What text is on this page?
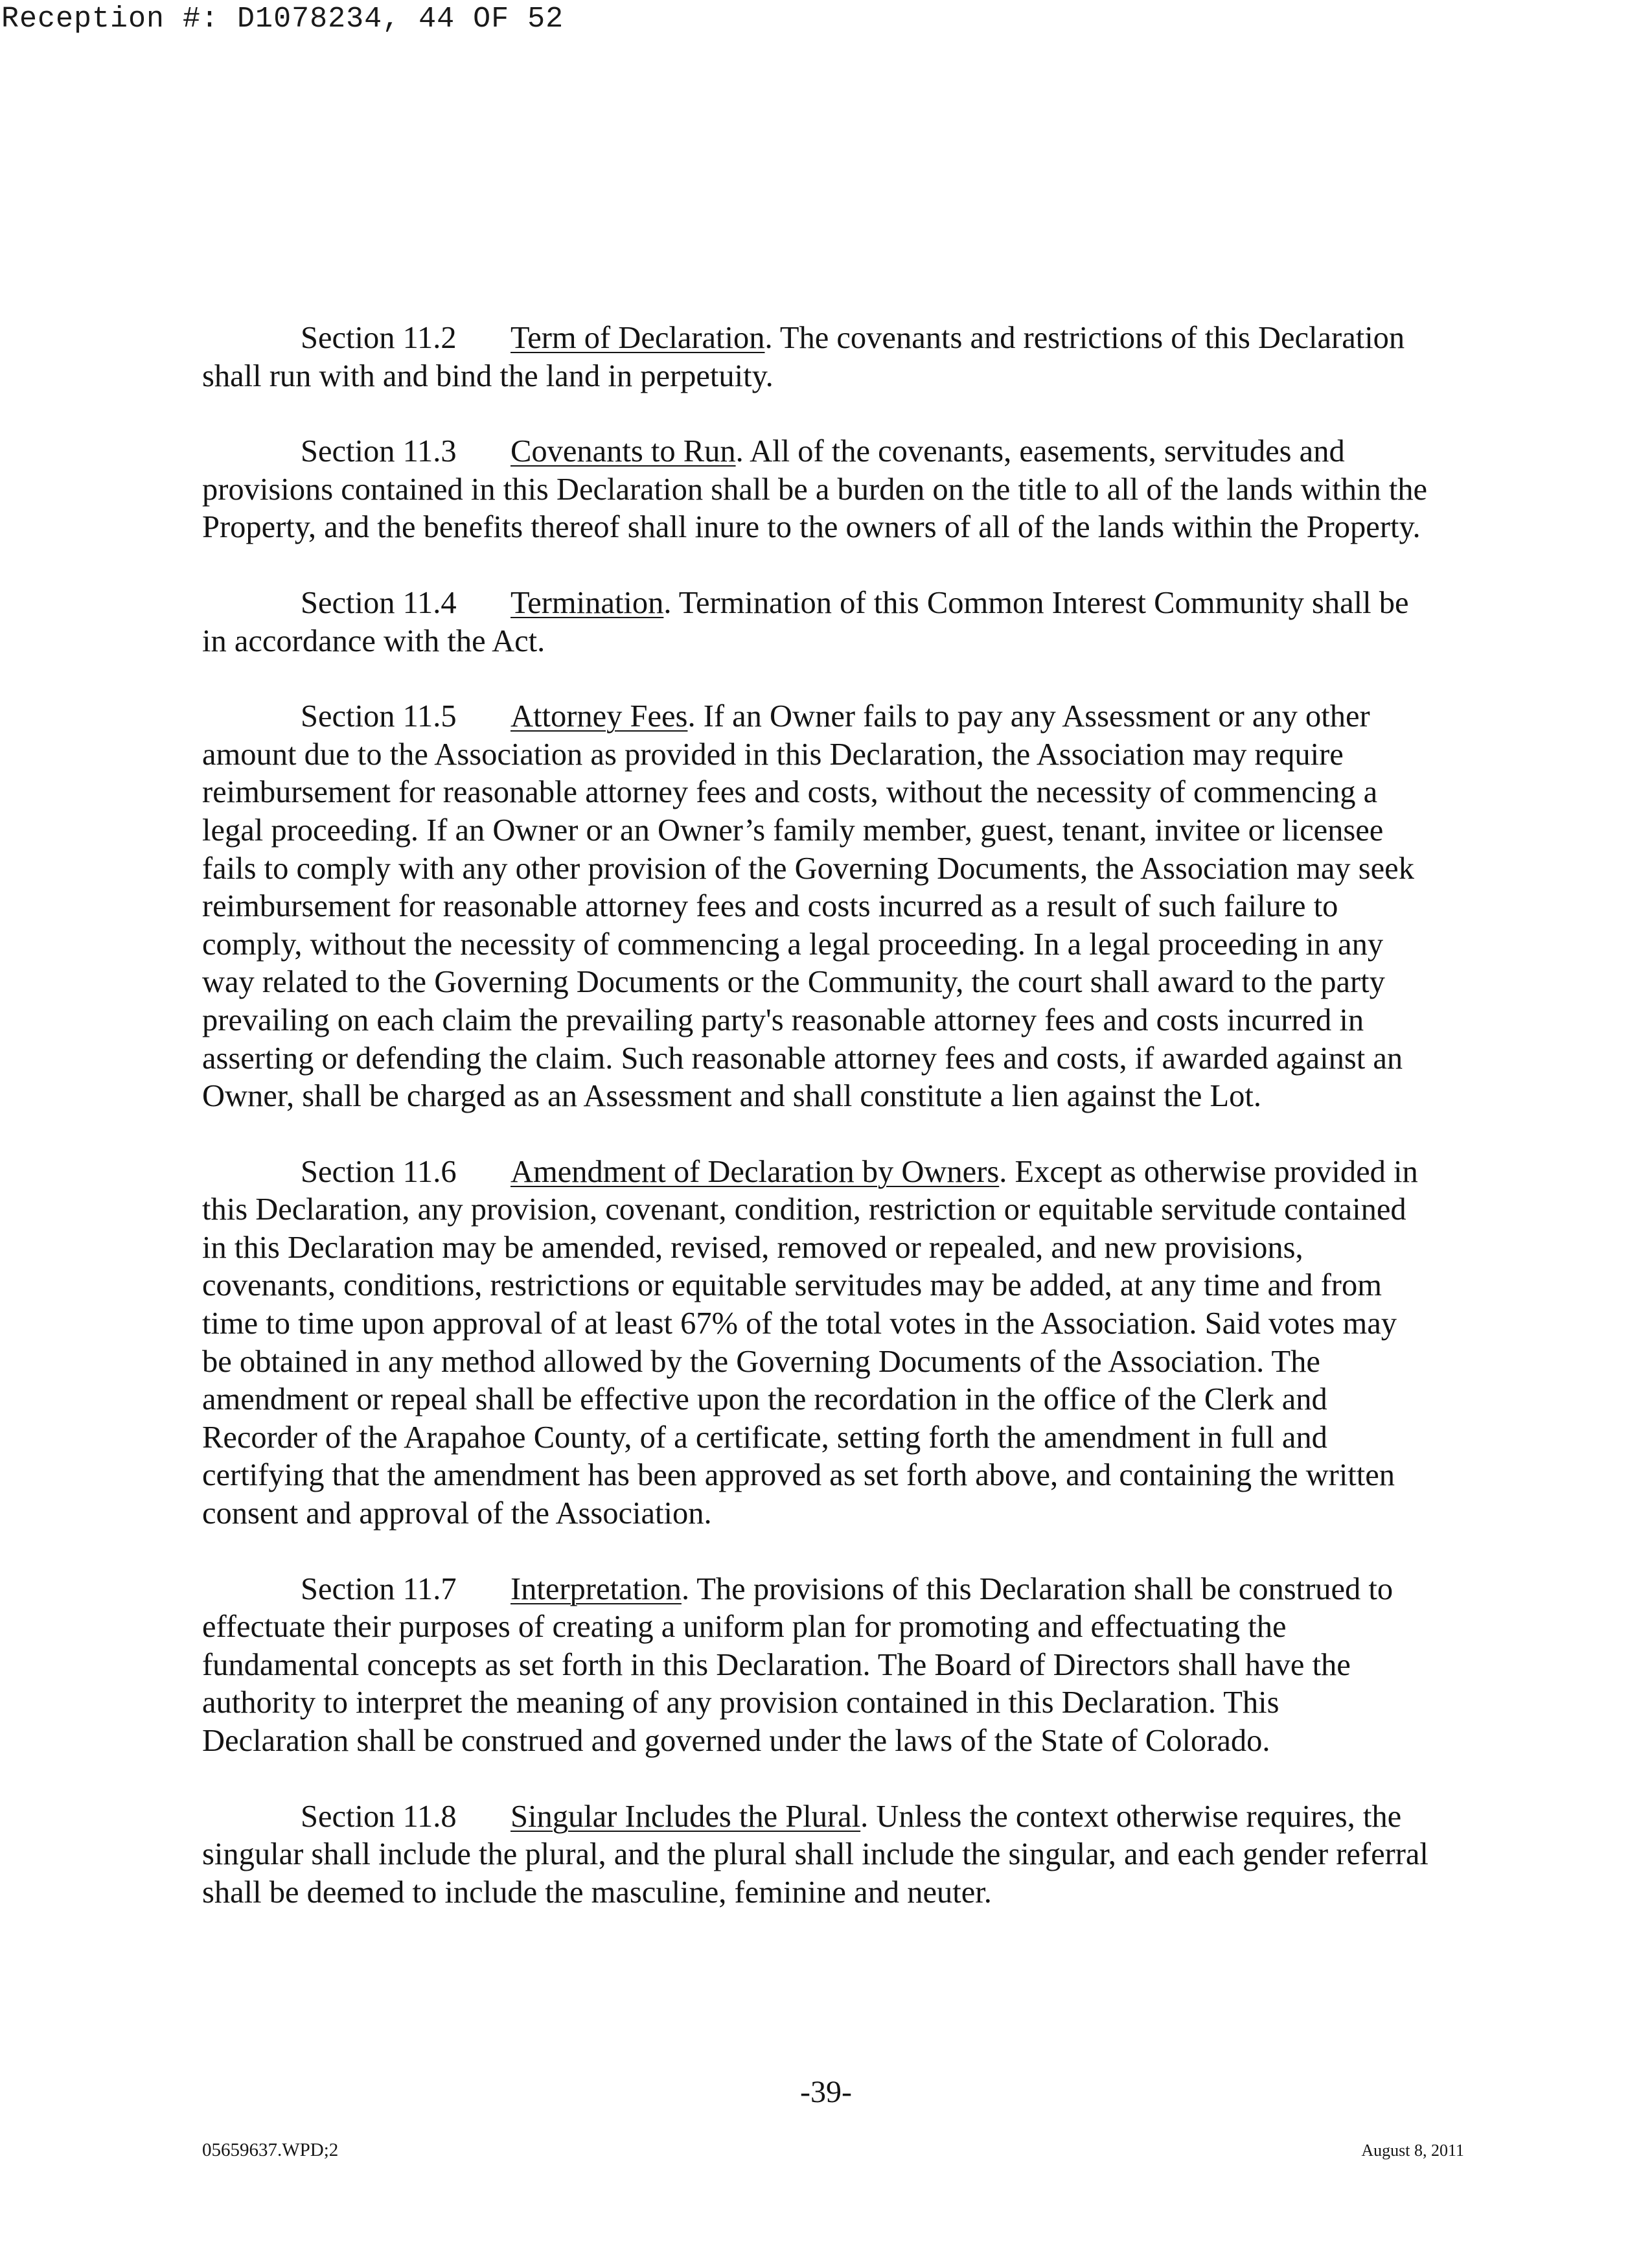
Reception #: D1078234, 44 OF 52
Section 11.2 Term of Declaration. The covenants and restrictions of this Declaration
shall run with and bind the land in perpetuity.
Section 11.3 Covenants to Run. All of the covenants, easements, servitudes and
provisions contained in this Declaration shall be a burden on the title to all of the lands within the
Property, and the benefits thereof shall inure to the owners of all of the lands within the Property.
Section 11.4 Termination. Termination of this Common Interest Community shall be
in accordance with the Act.
Section 11.5 Attorney Fees. If an Owner fails to pay any Assessment or any other
amount due to the Association as provided in this Declaration, the Association may require
reimbursement for reasonable attorney fees and costs, without the necessity of commencing a
legal proceeding. If an Owner or an Owner’s family member, guest, tenant, invitee or licensee
fails to comply with any other provision of the Governing Documents, the Association may seek
reimbursement for reasonable attorney fees and costs incurred as a result of such failure to
comply, without the necessity of commencing a legal proceeding. In a legal proceeding in any
way related to the Governing Documents or the Community, the court shall award to the party
prevailing on each claim the prevailing party's reasonable attorney fees and costs incurred in
asserting or defending the claim. Such reasonable attorney fees and costs, if awarded against an
Owner, shall be charged as an Assessment and shall constitute a lien against the Lot.
Section 11.6 Amendment of Declaration by Owners. Except as otherwise provided in
this Declaration, any provision, covenant, condition, restriction or equitable servitude contained
in this Declaration may be amended, revised, removed or repealed, and new provisions,
covenants, conditions, restrictions or equitable servitudes may be added, at any time and from
time to time upon approval of at least 67% of the total votes in the Association. Said votes may
be obtained in any method allowed by the Governing Documents of the Association. The
amendment or repeal shall be effective upon the recordation in the office of the Clerk and
Recorder of the Arapahoe County, of a certificate, setting forth the amendment in full and
certifying that the amendment has been approved as set forth above, and containing the written
consent and approval of the Association.
Section 11.7 Interpretation. The provisions of this Declaration shall be construed to
effectuate their purposes of creating a uniform plan for promoting and effectuating the
fundamental concepts as set forth in this Declaration. The Board of Directors shall have the
authority to interpret the meaning of any provision contained in this Declaration. This
Declaration shall be construed and governed under the laws of the State of Colorado.
Section 11.8 Singular Includes the Plural. Unless the context otherwise requires, the
singular shall include the plural, and the plural shall include the singular, and each gender referral
shall be deemed to include the masculine, feminine and neuter.
-39-
05659637.WPD;2	August 8, 2011
